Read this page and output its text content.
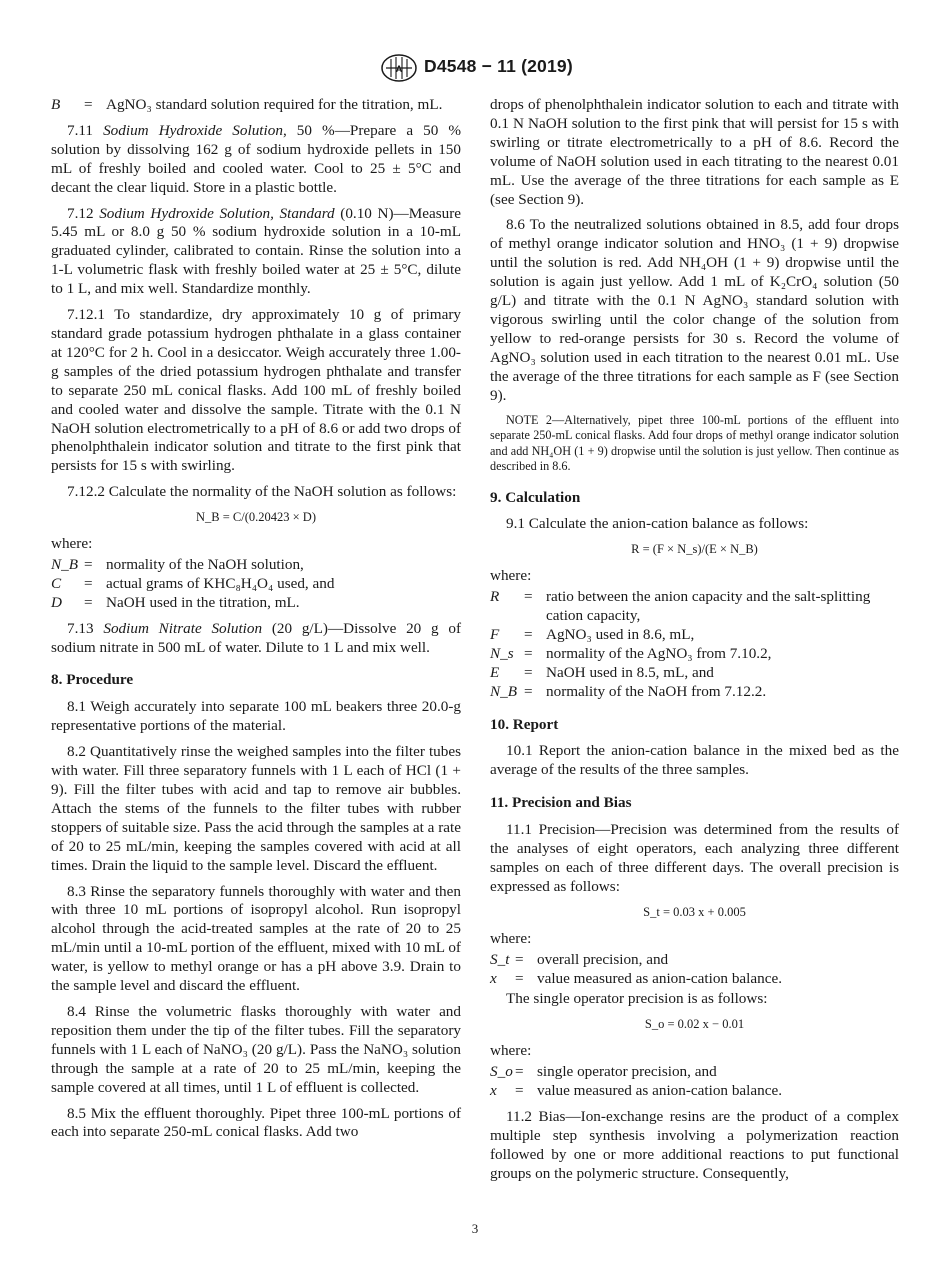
A D4548 − 11 (2019)
B	= AgNO₃ standard solution required for the titration, mL.

7.11 Sodium Hydroxide Solution, 50 %—Prepare a 50 % solution by dissolving 162 g of sodium hydroxide pellets in 150 mL of freshly boiled and cooled water. Cool to 25 ± 5°C and decant the clear liquid. Store in a plastic bottle.

7.12 Sodium Hydroxide Solution, Standard (0.10 N)—Measure 5.45 mL or 8.0 g 50 % sodium hydroxide solution in a 10-mL graduated cylinder, calibrated to contain. Rinse the solution into a 1-L volumetric flask with freshly boiled water at 25 ± 5°C, dilute to 1 L, and mix well. Standardize monthly.

7.12.1 To standardize, dry approximately 10 g of primary standard grade potassium hydrogen phthalate in a glass container at 120°C for 2 h. Cool in a desiccator. Weigh accurately three 1.00-g samples of the dried potassium hydrogen phthalate and transfer to separate 250 mL conical flasks. Add 100 mL of freshly boiled and cooled water and dissolve the sample. Titrate with the 0.1 N NaOH solution electrometrically to a pH of 8.6 or add two drops of phenolphthalein indicator solution and titrate to the first pink that persists for 15 s with swirling.

7.12.2 Calculate the normality of the NaOH solution as follows:

N_B = C/(0.20423 × D)

where:

N_B = normality of the NaOH solution,
C	= actual grams of KHC₈H₄O₄ used, and
D	= NaOH used in the titration, mL.

7.13 Sodium Nitrate Solution (20 g/L)—Dissolve 20 g of sodium nitrate in 500 mL of water. Dilute to 1 L and mix well.

8. Procedure

8.1 Weigh accurately into separate 100 mL beakers three 20.0-g representative portions of the material.

8.2 Quantitatively rinse the weighed samples into the filter tubes with water. Fill three separatory funnels with 1 L each of HCl (1 + 9). Fill the filter tubes with acid and tap to remove air bubbles. Attach the stems of the funnels to the filter tubes with rubber stoppers of suitable size. Pass the acid through the samples at a rate of 20 to 25 mL/min, keeping the samples covered with acid at all times. Drain the liquid to the sample level. Discard the effluent.

8.3 Rinse the separatory funnels thoroughly with water and then with three 10 mL portions of isopropyl alcohol. Run isopropyl alcohol through the acid-treated samples at the rate of 20 to 25 mL/min until a 10-mL portion of the effluent, mixed with 10 mL of water, is yellow to methyl orange or has a pH above 3.9. Drain to the sample level and discard the effluent.

8.4 Rinse the volumetric flasks thoroughly with water and reposition them under the tip of the filter tubes. Fill the separatory funnels with 1 L each of NaNO₃ (20 g/L). Pass the NaNO₃ solution through the sample at a rate of 20 to 25 mL/min, keeping the sample covered at all times, until 1 L of effluent is collected.

8.5 Mix the effluent thoroughly. Pipet three 100-mL portions of each into separate 250-mL conical flasks. Add two

drops of phenolphthalein indicator solution to each and titrate with 0.1 N NaOH solution to the first pink that will persist for 15 s with swirling or titrate electrometrically to a pH of 8.6. Record the volume of NaOH solution used in each titrating to the nearest 0.01 mL. Use the average of the three titrations for each sample as E (see Section 9).

8.6 To the neutralized solutions obtained in 8.5, add four drops of methyl orange indicator solution and HNO₃ (1 + 9) dropwise until the solution is red. Add NH₄OH (1 + 9) dropwise until the solution is again just yellow. Add 1 mL of K₂CrO₄ solution (50 g/L) and titrate with the 0.1 N AgNO₃ standard solution with vigorous swirling until the color change of the solution from yellow to red-orange persists for 30 s. Record the volume of AgNO₃ solution used in each titration to the nearest 0.01 mL. Use the average of the three titrations for each sample as F (see Section 9).

NOTE 2—Alternatively, pipet three 100-mL portions of the effluent into separate 250-mL conical flasks. Add four drops of methyl orange indicator solution and add NH₄OH (1 + 9) dropwise until the solution is just yellow. Then continue as described in 8.6.

9. Calculation

9.1 Calculate the anion-cation balance as follows:

R = (F × N_s)/(E × N_B)

where:

R	= ratio between the anion capacity and the salt-splitting cation capacity,
F	= AgNO₃ used in 8.6, mL,
N_s = normality of the AgNO₃ from 7.10.2,
E	= NaOH used in 8.5, mL, and
N_B = normality of the NaOH from 7.12.2.
10. Report

10.1 Report the anion-cation balance in the mixed bed as the average of the results of the three samples.

11. Precision and Bias

11.1 Precision—Precision was determined from the results of the analyses of eight operators, each analyzing three different samples on each of three different days. The overall precision is expressed as follows:

S_t = 0.03 x + 0.005

where:

S_t = overall precision, and
x	= value measured as anion-cation balance.

The single operator precision is as follows:

S_o = 0.02 x − 0.01

where:

S_o = single operator precision, and
x	= value measured as anion-cation balance.

11.2 Bias—Ion-exchange resins are the product of a complex multiple step synthesis involving a polymerization reaction followed by one or more additional reactions to put functional groups on the polymeric structure. Consequently,

3
